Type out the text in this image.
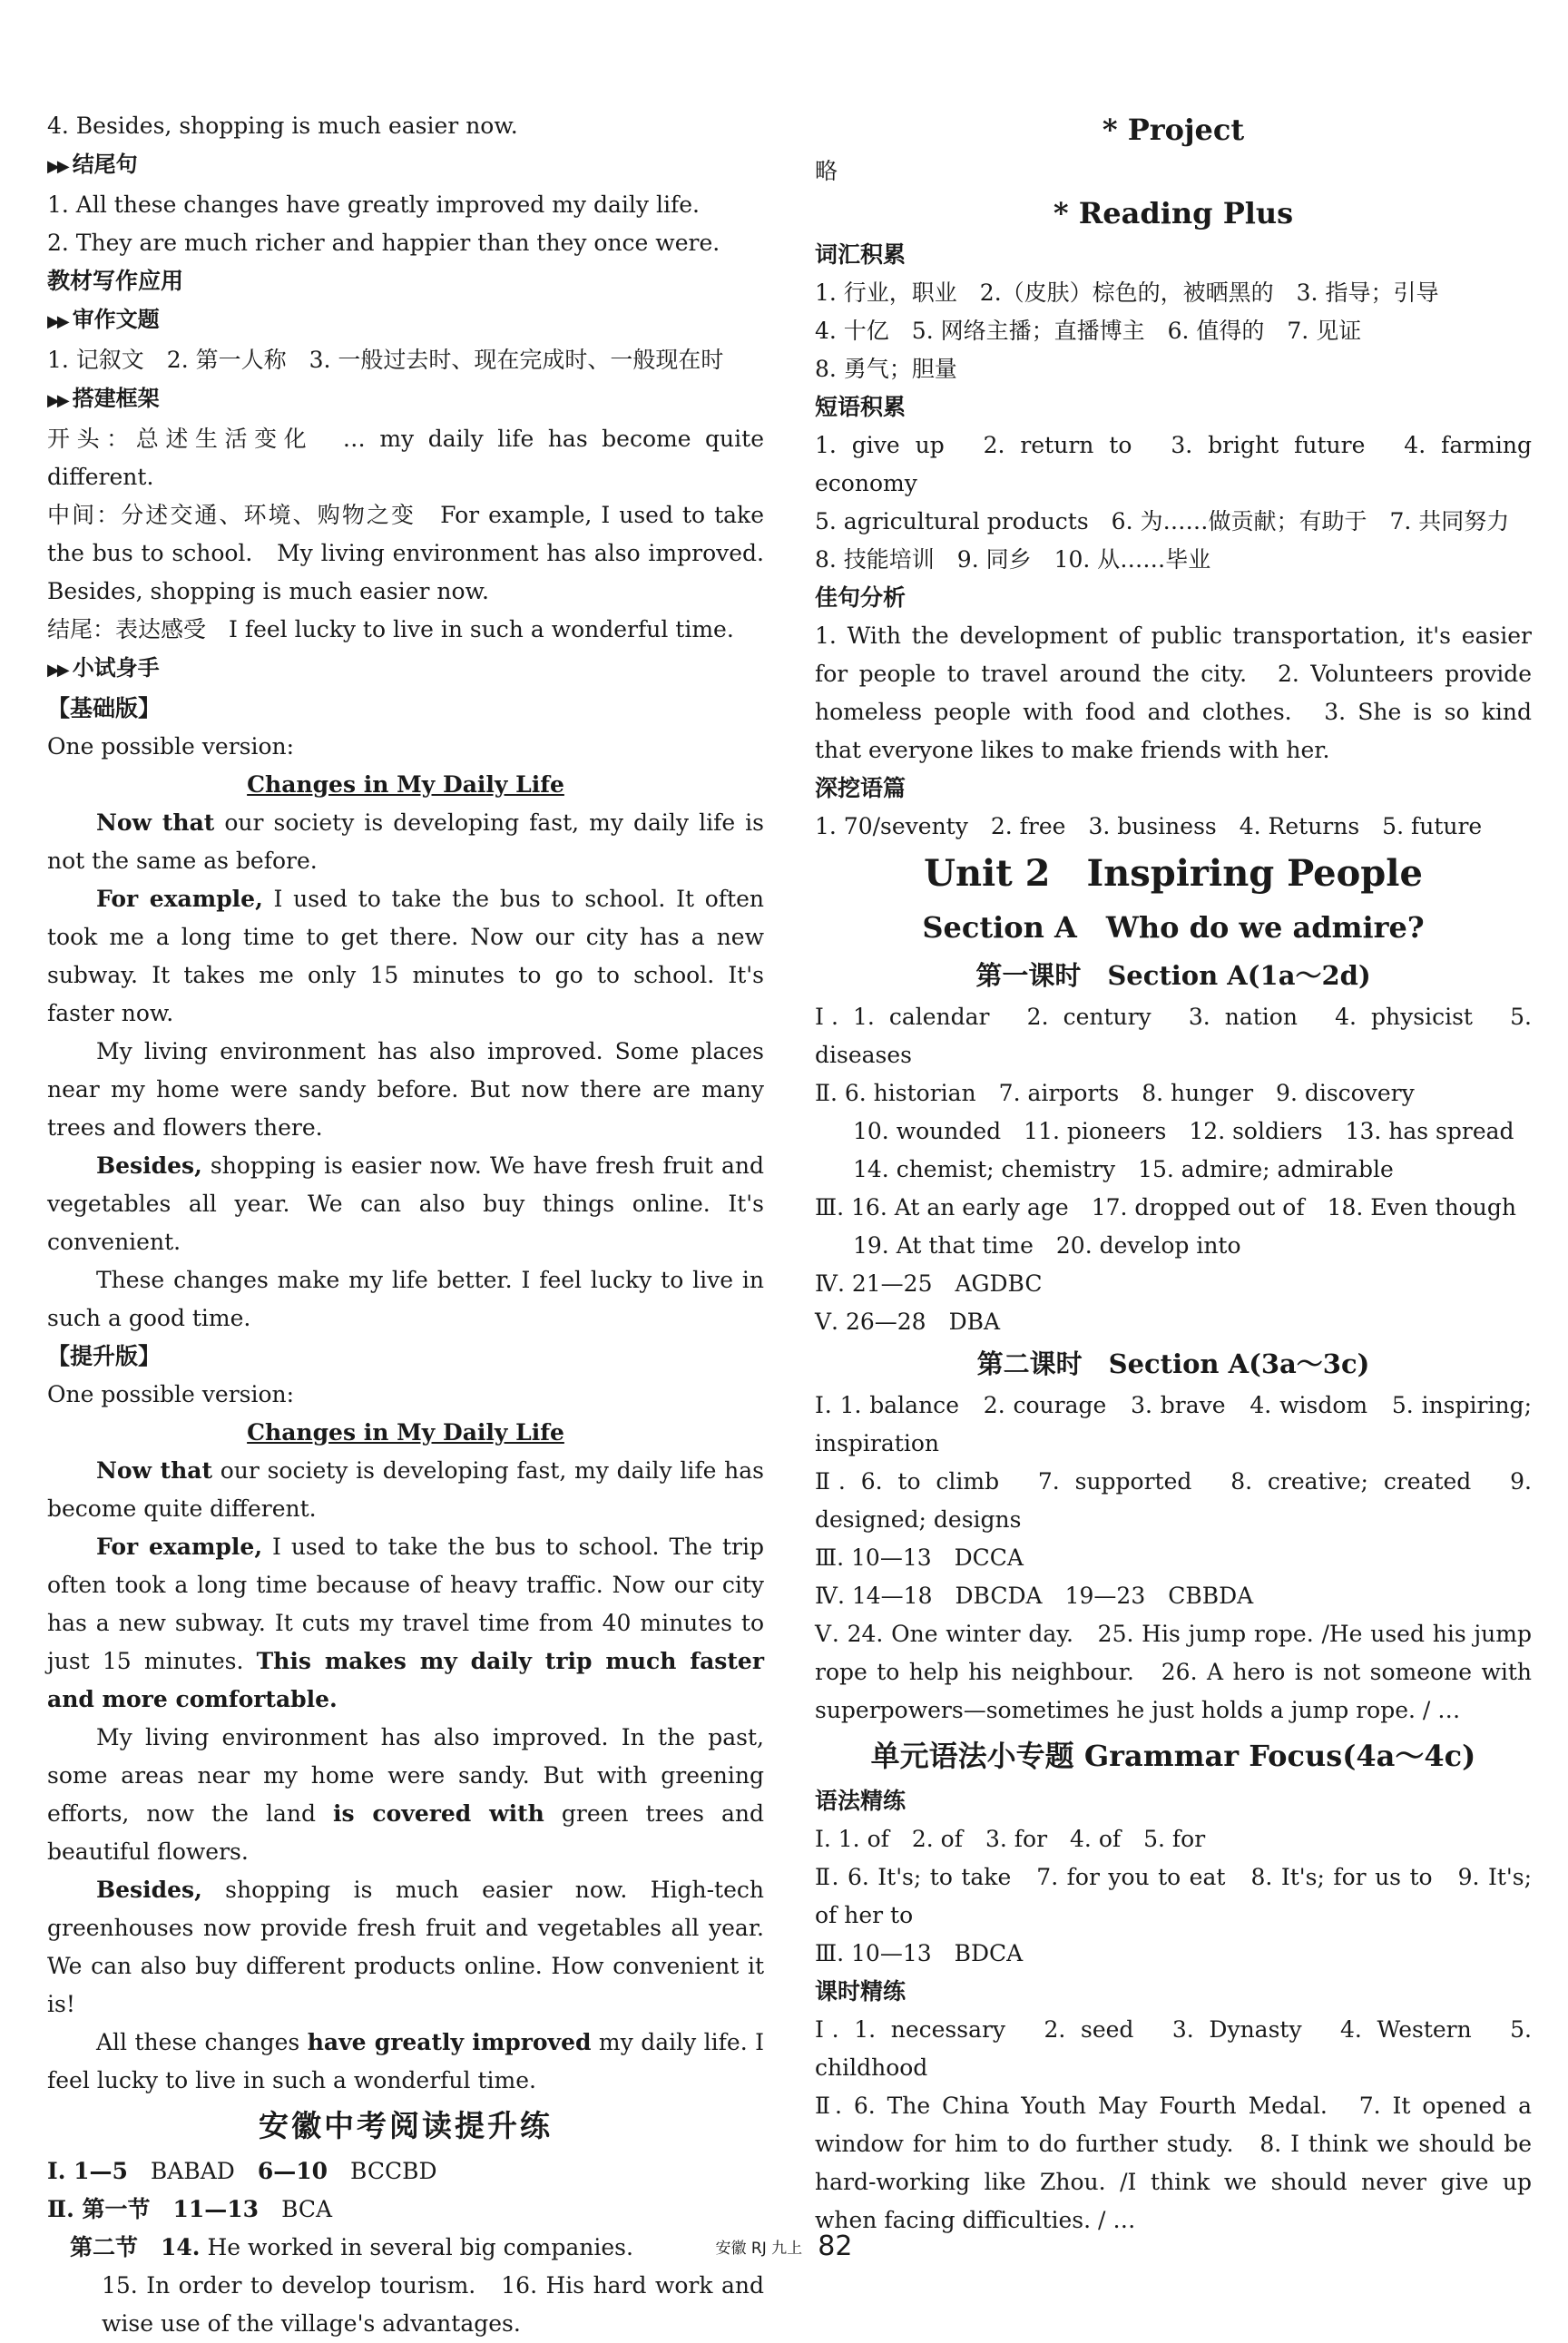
4. Besides, shopping is much easier now.
▶▶ 结尾句
1. All these changes have greatly improved my daily life.
2. They are much richer and happier than they once were.
教材写作应用
▶▶ 审作文题
1. 记叙文　2. 第一人称　3. 一般过去时、现在完成时、一般现在时
▶▶ 搭建框架
开头：总述生活变化　… my daily life has become quite different.
中间：分述交通、环境、购物之变　For example, I used to take the bus to school.　My living environment has also improved. Besides, shopping is much easier now.
结尾：表达感受　I feel lucky to live in such a wonderful time.
▶▶ 小试身手
【基础版】
One possible version:
Changes in My Daily Life
Now that our society is developing fast, my daily life is not the same as before.
For example, I used to take the bus to school. It often took me a long time to get there. Now our city has a new subway. It takes me only 15 minutes to go to school. It's faster now.
My living environment has also improved. Some places near my home were sandy before. But now there are many trees and flowers there.
Besides, shopping is easier now. We have fresh fruit and vegetables all year. We can also buy things online. It's convenient.
These changes make my life better. I feel lucky to live in such a good time.
【提升版】
One possible version:
Changes in My Daily Life
Now that our society is developing fast, my daily life has become quite different.
For example, I used to take the bus to school. The trip often took a long time because of heavy traffic. Now our city has a new subway. It cuts my travel time from 40 minutes to just 15 minutes. This makes my daily trip much faster and more comfortable.
My living environment has also improved. In the past, some areas near my home were sandy. But with greening efforts, now the land is covered with green trees and beautiful flowers.
Besides, shopping is much easier now. High-tech greenhouses now provide fresh fruit and vegetables all year. We can also buy different products online. How convenient it is!
All these changes have greatly improved my daily life. I feel lucky to live in such a wonderful time.
安徽中考阅读提升练
Ⅰ. 1—5　BABAD　6—10　BCCBD
Ⅱ. 第一节　11—13　BCA
　第二节　14. He worked in several big companies.
15. In order to develop tourism.　16. His hard work and wise use of the village's advantages.
* Project
略
* Reading Plus
词汇积累
1. 行业，职业　2.（皮肤）棕色的，被晒黑的　3. 指导；引导
4. 十亿　5. 网络主播；直播博主　6. 值得的　7. 见证
8. 勇气；胆量
短语积累
1. give up　2. return to　3. bright future　4. farming economy
5. agricultural products　6. 为……做贡献；有助于　7. 共同努力
8. 技能培训　9. 同乡　10. 从……毕业
佳句分析
1. With the development of public transportation, it's easier for people to travel around the city.　2. Volunteers provide homeless people with food and clothes.　3. She is so kind that everyone likes to make friends with her.
深挖语篇
1. 70/seventy　2. free　3. business　4. Returns　5. future
Unit 2　Inspiring People
Section A　Who do we admire?
第一课时　Section A(1a～2d)
Ⅰ. 1. calendar　2. century　3. nation　4. physicist　5. diseases
Ⅱ. 6. historian　7. airports　8. hunger　9. discovery
10. wounded　11. pioneers　12. soldiers　13. has spread
14. chemist; chemistry　15. admire; admirable
Ⅲ. 16. At an early age　17. dropped out of　18. Even though
19. At that time　20. develop into
Ⅳ. 21—25　AGDBC
Ⅴ. 26—28　DBA
第二课时　Section A(3a～3c)
Ⅰ. 1. balance　2. courage　3. brave　4. wisdom　5. inspiring; inspiration
Ⅱ. 6. to climb　7. supported　8. creative; created　9. designed; designs
Ⅲ. 10—13　DCCA
Ⅳ. 14—18　DBCDA　19—23　CBBDA
Ⅴ. 24. One winter day.　25. His jump rope. /He used his jump rope to help his neighbour.　26. A hero is not someone with superpowers—sometimes he just holds a jump rope. / …
单元语法小专题 Grammar Focus(4a～4c)
语法精练
Ⅰ. 1. of　2. of　3. for　4. of　5. for
Ⅱ. 6. It's; to take　7. for you to eat　8. It's; for us to　9. It's; of her to
Ⅲ. 10—13　BDCA
课时精练
Ⅰ. 1. necessary　2. seed　3. Dynasty　4. Western　5. childhood
Ⅱ. 6. The China Youth May Fourth Medal.　7. It opened a window for him to do further study.　8. I think we should be hard-working like Zhou. /I think we should never give up when facing difficulties. / …
安徽 RJ 九上 82
